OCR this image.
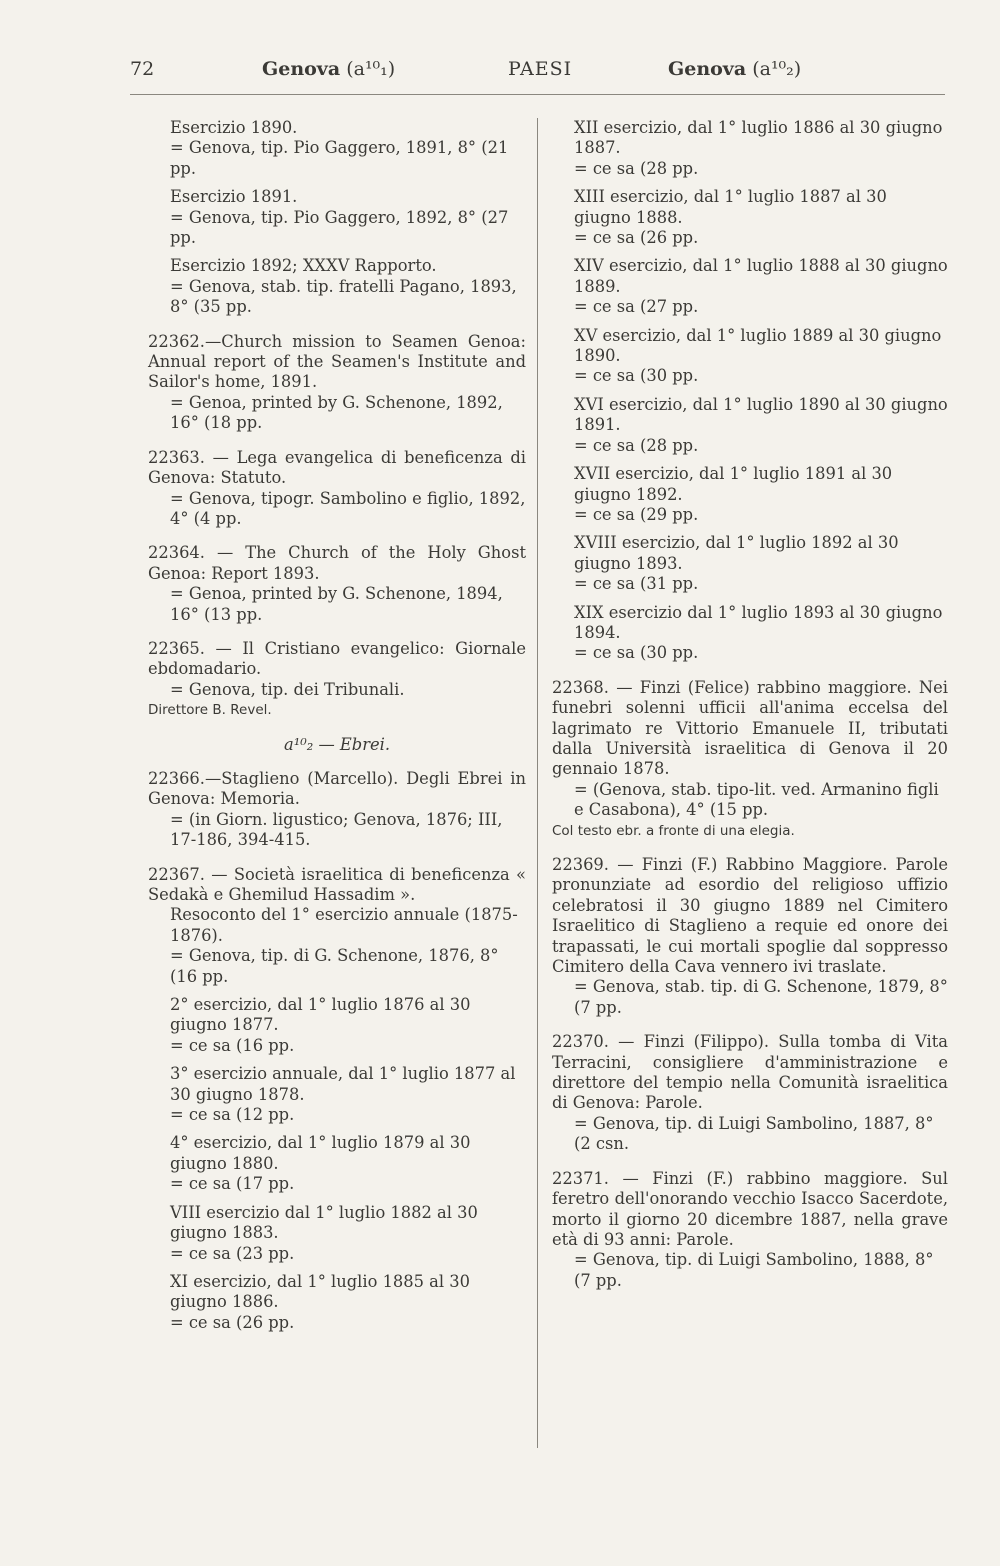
72	Genova (a¹⁰₁)	PAESI	Genova (a¹⁰₂)

Esercizio 1890.

= Genova, tip. Pio Gaggero, 1891, 8° (21 pp.

Esercizio 1891.

= Genova, tip. Pio Gaggero, 1892, 8° (27 pp.

Esercizio 1892; XXXV Rapporto.

= Genova, stab. tip. fratelli Pagano, 1893, 8° (35 pp.

22362.—Church mission to Seamen Genoa: Annual report of the Seamen's Institute and Sailor's home, 1891.

= Genoa, printed by G. Schenone, 1892, 16° (18 pp.

22363. — Lega evangelica di beneficenza di Genova: Statuto.

= Genova, tipogr. Sambolino e figlio, 1892, 4° (4 pp.

22364. — The Church of the Holy Ghost Genoa: Report 1893.

= Genoa, printed by G. Schenone, 1894, 16° (13 pp.

22365. — Il Cristiano evangelico: Giornale ebdomadario.

= Genova, tip. dei Tribunali.

Direttore B. Revel.

a¹⁰₂ — Ebrei.

22366.—Staglieno (Marcello). Degli Ebrei in Genova: Memoria.

= (in Giorn. ligustico; Genova, 1876; III, 17-186, 394-415.

22367. — Società israelitica di beneficenza « Sedakà e Ghemilud Hassadim ».

Resoconto del 1° esercizio annuale (1875-1876).

= Genova, tip. di G. Schenone, 1876, 8° (16 pp.

2° esercizio, dal 1° luglio 1876 al 30 giugno 1877.

= ce sa (16 pp.

3° esercizio annuale, dal 1° luglio 1877 al 30 giugno 1878.

= ce sa (12 pp.

4° esercizio, dal 1° luglio 1879 al 30 giugno 1880.

= ce sa (17 pp.

VIII esercizio dal 1° luglio 1882 al 30 giugno 1883.

= ce sa (23 pp.

XI esercizio, dal 1° luglio 1885 al 30 giugno 1886.

= ce sa (26 pp.

XII esercizio, dal 1° luglio 1886 al 30 giugno 1887.

= ce sa (28 pp.

XIII esercizio, dal 1° luglio 1887 al 30 giugno 1888.

= ce sa (26 pp.

XIV esercizio, dal 1° luglio 1888 al 30 giugno 1889.

= ce sa (27 pp.

XV esercizio, dal 1° luglio 1889 al 30 giugno 1890.

= ce sa (30 pp.

XVI esercizio, dal 1° luglio 1890 al 30 giugno 1891.

= ce sa (28 pp.

XVII esercizio, dal 1° luglio 1891 al 30 giugno 1892.

= ce sa (29 pp.

XVIII esercizio, dal 1° luglio 1892 al 30 giugno 1893.

= ce sa (31 pp.

XIX esercizio dal 1° luglio 1893 al 30 giugno 1894.

= ce sa (30 pp.

22368. — Finzi (Felice) rabbino maggiore. Nei funebri solenni ufficii all'anima eccelsa del lagrimato re Vittorio Emanuele II, tributati dalla Università israelitica di Genova il 20 gennaio 1878.

= (Genova, stab. tipo-lit. ved. Armanino figli e Casabona), 4° (15 pp.

Col testo ebr. a fronte di una elegia.

22369. — Finzi (F.) Rabbino Maggiore. Parole pronunziate ad esordio del religioso uffizio celebratosi il 30 giugno 1889 nel Cimitero Israelitico di Staglieno a requie ed onore dei trapassati, le cui mortali spoglie dal soppresso Cimitero della Cava vennero ivi traslate.

= Genova, stab. tip. di G. Schenone, 1879, 8° (7 pp.

22370. — Finzi (Filippo). Sulla tomba di Vita Terracini, consigliere d'amministrazione e direttore del tempio nella Comunità israelitica di Genova: Parole.

= Genova, tip. di Luigi Sambolino, 1887, 8° (2 csn.

22371. — Finzi (F.) rabbino maggiore. Sul feretro dell'onorando vecchio Isacco Sacerdote, morto il giorno 20 dicembre 1887, nella grave età di 93 anni: Parole.

= Genova, tip. di Luigi Sambolino, 1888, 8° (7 pp.
